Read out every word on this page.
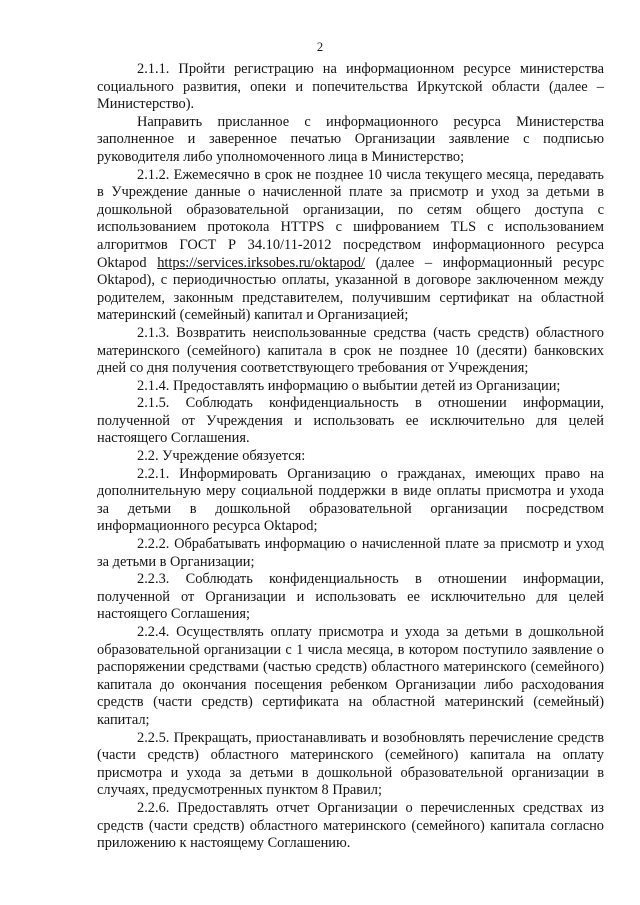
2

2.1.1. Пройти регистрацию на информационном ресурсе министерства социального развития, опеки и попечительства Иркутской области (далее – Министерство).

Направить присланное с информационного ресурса Министерства заполненное и заверенное печатью Организации заявление с подписью руководителя либо уполномоченного лица в Министерство;

2.1.2. Ежемесячно в срок не позднее 10 числа текущего месяца, передавать в Учреждение данные о начисленной плате за присмотр и уход за детьми в дошкольной образовательной организации, по сетям общего доступа с использованием протокола HTTPS с шифрованием TLS с использованием алгоритмов ГОСТ Р 34.10/11-2012 посредством информационного ресурса Oktapod https://services.irksobes.ru/oktapod/ (далее – информационный ресурс Oktapod), с периодичностью оплаты, указанной в договоре заключенном между родителем, законным представителем, получившим сертификат на областной материнский (семейный) капитал и Организацией;

2.1.3. Возвратить неиспользованные средства (часть средств) областного материнского (семейного) капитала в срок не позднее 10 (десяти) банковских дней со дня получения соответствующего требования от Учреждения;

2.1.4. Предоставлять информацию о выбытии детей из Организации;

2.1.5. Соблюдать конфиденциальность в отношении информации, полученной от Учреждения и использовать ее исключительно для целей настоящего Соглашения.

2.2. Учреждение обязуется:

2.2.1. Информировать Организацию о гражданах, имеющих право на дополнительную меру социальной поддержки в виде оплаты присмотра и ухода за детьми в дошкольной образовательной организации посредством информационного ресурса Oktapod;

2.2.2. Обрабатывать информацию о начисленной плате за присмотр и уход за детьми в Организации;

2.2.3. Соблюдать конфиденциальность в отношении информации, полученной от Организации и использовать ее исключительно для целей настоящего Соглашения;

2.2.4. Осуществлять оплату присмотра и ухода за детьми в дошкольной образовательной организации с 1 числа месяца, в котором поступило заявление о распоряжении средствами (частью средств) областного материнского (семейного) капитала до окончания посещения ребенком Организации либо расходования средств (части средств) сертификата на областной материнский (семейный) капитал;

2.2.5. Прекращать, приостанавливать и возобновлять перечисление средств (части средств) областного материнского (семейного) капитала на оплату присмотра и ухода за детьми в дошкольной образовательной организации в случаях, предусмотренных пунктом 8 Правил;

2.2.6. Предоставлять отчет Организации о перечисленных средствах из средств (части средств) областного материнского (семейного) капитала согласно приложению к настоящему Соглашению.
